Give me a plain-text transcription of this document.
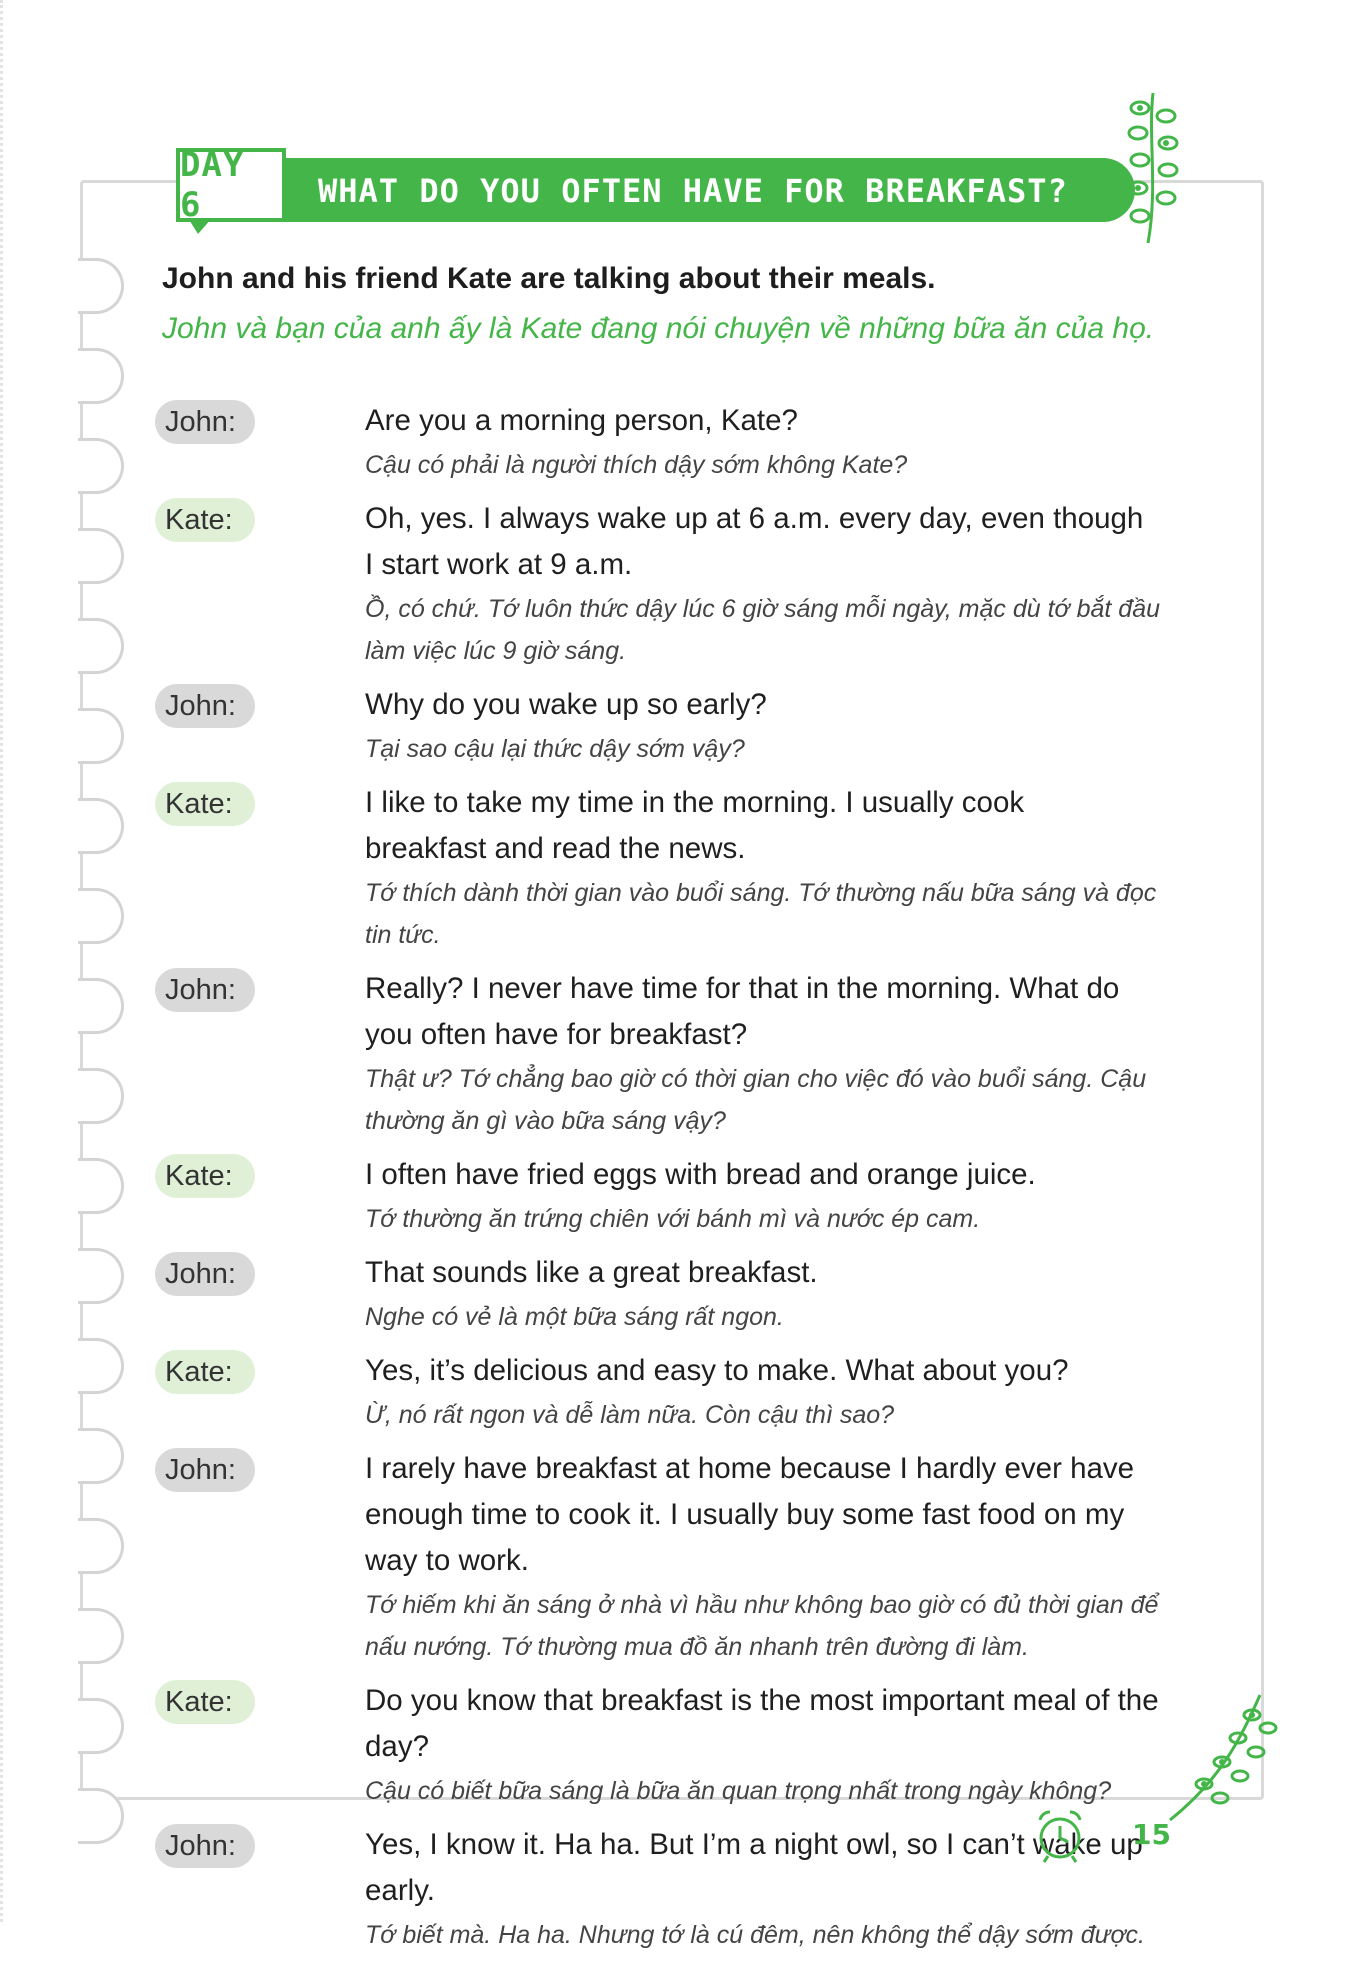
WHAT DO YOU OFTEN HAVE FOR BREAKFAST?
DAY 6
John and his friend Kate are talking about their meals.
John và bạn của anh ấy là Kate đang nói chuyện về những bữa ăn của họ.
John:	Are you a morning person, Kate?
Cậu có phải là người thích dậy sớm không Kate?
Kate:	Oh, yes. I always wake up at 6 a.m. every day, even though
I start work at 9 a.m.
Ồ, có chứ. Tớ luôn thức dậy lúc 6 giờ sáng mỗi ngày, mặc dù tớ bắt đầu
làm việc lúc 9 giờ sáng.
John:	Why do you wake up so early?
Tại sao cậu lại thức dậy sớm vậy?
Kate:	I like to take my time in the morning. I usually cook
breakfast and read the news.
Tớ thích dành thời gian vào buổi sáng. Tớ thường nấu bữa sáng và đọc
tin tức.
John:	Really? I never have time for that in the morning. What do
you often have for breakfast?
Thật ư? Tớ chẳng bao giờ có thời gian cho việc đó vào buổi sáng. Cậu
thường ăn gì vào bữa sáng vậy?
Kate:	I often have fried eggs with bread and orange juice.
Tớ thường ăn trứng chiên với bánh mì và nước ép cam.
John:	That sounds like a great breakfast.
Nghe có vẻ là một bữa sáng rất ngon.
Kate:	Yes, it’s delicious and easy to make. What about you?
Ừ, nó rất ngon và dễ làm nữa. Còn cậu thì sao?
John:	I rarely have breakfast at home because I hardly ever have
enough time to cook it. I usually buy some fast food on my
way to work.
Tớ hiếm khi ăn sáng ở nhà vì hầu như không bao giờ có đủ thời gian để
nấu nướng. Tớ thường mua đồ ăn nhanh trên đường đi làm.
Kate:	Do you know that breakfast is the most important meal of the day?
Cậu có biết bữa sáng là bữa ăn quan trọng nhất trong ngày không?
John:	Yes, I know it. Ha ha. But I’m a night owl, so I can’t wake up early.
Tớ biết mà. Ha ha. Nhưng tớ là cú đêm, nên không thể dậy sớm được.
15
